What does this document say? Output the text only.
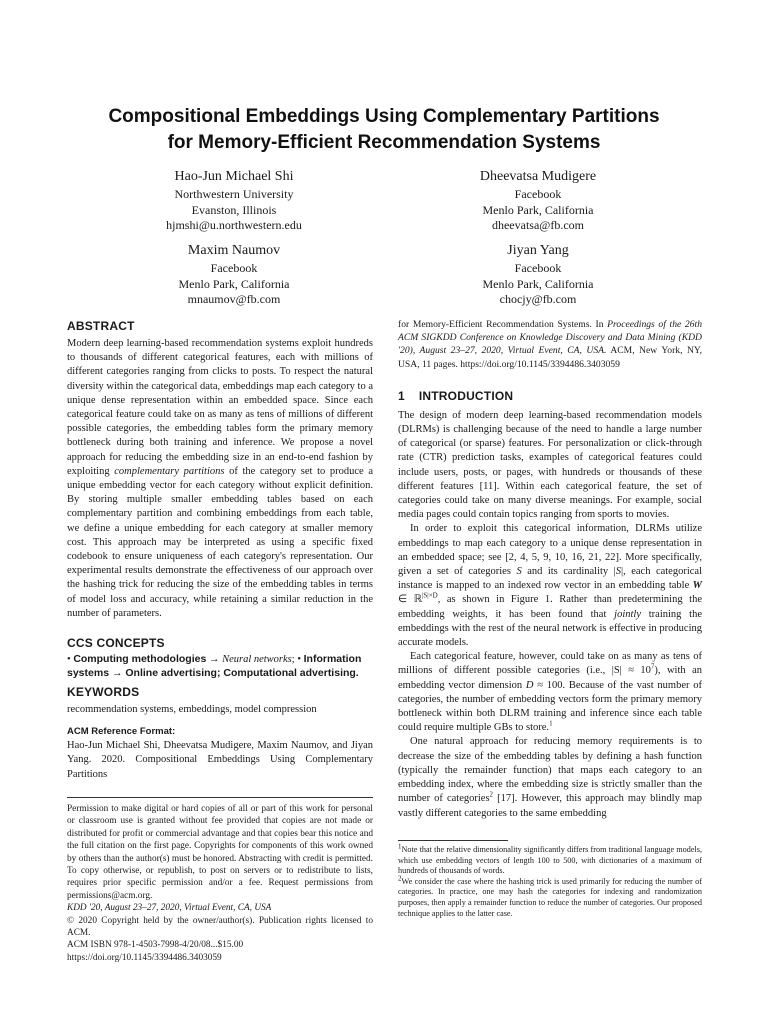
Compositional Embeddings Using Complementary Partitions
for Memory-Efficient Recommendation Systems
Hao-Jun Michael Shi
Northwestern University
Evanston, Illinois
hjmshi@u.northwestern.edu
Dheevatsa Mudigere
Facebook
Menlo Park, California
dheevatsa@fb.com
Maxim Naumov
Facebook
Menlo Park, California
mnaumov@fb.com
Jiyan Yang
Facebook
Menlo Park, California
chocjy@fb.com
ABSTRACT

Modern deep learning-based recommendation systems exploit hundreds to thousands of different categorical features, each with millions of different categories ranging from clicks to posts. To respect the natural diversity within the categorical data, embeddings map each category to a unique dense representation within an embedded space. Since each categorical feature could take on as many as tens of millions of different possible categories, the embedding tables form the primary memory bottleneck during both training and inference. We propose a novel approach for reducing the embedding size in an end-to-end fashion by exploiting complementary partitions of the category set to produce a unique embedding vector for each category without explicit definition. By storing multiple smaller embedding tables based on each complementary partition and combining embeddings from each table, we define a unique embedding for each category at smaller memory cost. This approach may be interpreted as using a specific fixed codebook to ensure uniqueness of each category's representation. Our experimental results demonstrate the effectiveness of our approach over the hashing trick for reducing the size of the embedding tables in terms of model loss and accuracy, while retaining a similar reduction in the number of parameters.

CCS CONCEPTS

• Computing methodologies → Neural networks; • Information systems → Online advertising; Computational advertising.

KEYWORDS

recommendation systems, embeddings, model compression

ACM Reference Format:

Hao-Jun Michael Shi, Dheevatsa Mudigere, Maxim Naumov, and Jiyan Yang. 2020. Compositional Embeddings Using Complementary Partitions

Permission to make digital or hard copies of all or part of this work for personal or classroom use is granted without fee provided that copies are not made or distributed for profit or commercial advantage and that copies bear this notice and the full citation on the first page. Copyrights for components of this work owned by others than the author(s) must be honored. Abstracting with credit is permitted. To copy otherwise, or republish, to post on servers or to redistribute to lists, requires prior specific permission and/or a fee. Request permissions from permissions@acm.org.

KDD '20, August 23–27, 2020, Virtual Event, CA, USA

© 2020 Copyright held by the owner/author(s). Publication rights licensed to ACM.

ACM ISBN 978-1-4503-7998-4/20/08...$15.00

https://doi.org/10.1145/3394486.3403059

for Memory-Efficient Recommendation Systems. In Proceedings of the 26th ACM SIGKDD Conference on Knowledge Discovery and Data Mining (KDD '20), August 23–27, 2020, Virtual Event, CA, USA. ACM, New York, NY, USA, 11 pages. https://doi.org/10.1145/3394486.3403059

1 INTRODUCTION

The design of modern deep learning-based recommendation models (DLRMs) is challenging because of the need to handle a large number of categorical (or sparse) features. For personalization or click-through rate (CTR) prediction tasks, examples of categorical features could include users, posts, or pages, with hundreds or thousands of these different features [11]. Within each categorical feature, the set of categories could take on many diverse meanings. For example, social media pages could contain topics ranging from sports to movies.

In order to exploit this categorical information, DLRMs utilize embeddings to map each category to a unique dense representation in an embedded space; see [2, 4, 5, 9, 10, 16, 21, 22]. More specifically, given a set of categories S and its cardinality |S|, each categorical instance is mapped to an indexed row vector in an embedding table W ∈ ℝ$^{|S|\times D}$, as shown in Figure 1. Rather than predetermining the embedding weights, it has been found that jointly training the embeddings with the rest of the neural network is effective in producing accurate models.

Each categorical feature, however, could take on as many as tens of millions of different possible categories (i.e., $|S| \approx 10^7$), with an embedding vector dimension D ≈ 100. Because of the vast number of categories, the number of embedding vectors form the primary memory bottleneck within both DLRM training and inference since each table could require multiple GBs to store.$^1$

One natural approach for reducing memory requirements is to decrease the size of the embedding tables by defining a hash function (typically the remainder function) that maps each category to an embedding index, where the embedding size is strictly smaller than the number of categories$^2$ [17]. However, this approach may blindly map vastly different categories to the same embedding

$^1$Note that the relative dimensionality significantly differs from traditional language models, which use embedding vectors of length 100 to 500, with dictionaries of a maximum of hundreds of thousands of words.

$^2$We consider the case where the hashing trick is used primarily for reducing the number of categories. In practice, one may hash the categories for indexing and randomization purposes, then apply a remainder function to reduce the number of categories. Our proposed technique applies to the latter case.
